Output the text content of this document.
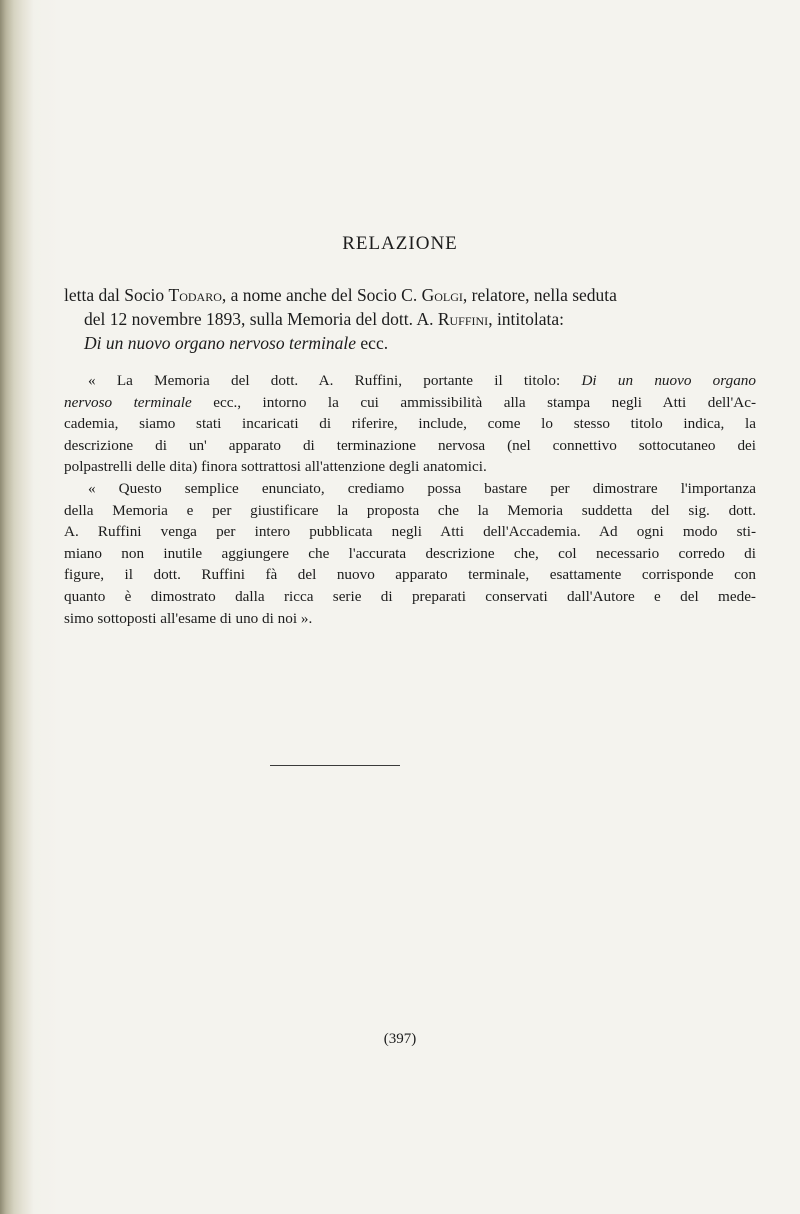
RELAZIONE
letta dal Socio Todaro, a nome anche del Socio C. Golgi, relatore, nella seduta
del 12 novembre 1893, sulla Memoria del dott. A. Ruffini, intitolata:
Di un nuovo organo nervoso terminale ecc.
« La Memoria del dott. A. Ruffini, portante il titolo: Di un nuovo organo
nervoso terminale ecc., intorno la cui ammissibilità alla stampa negli Atti dell'Ac-
cademia, siamo stati incaricati di riferire, include, come lo stesso titolo indica, la
descrizione di un' apparato di terminazione nervosa (nel connettivo sottocutaneo dei
polpastrelli delle dita) finora sottrattosi all'attenzione degli anatomici.
« Questo semplice enunciato, crediamo possa bastare per dimostrare l'importanza
della Memoria e per giustificare la proposta che la Memoria suddetta del sig. dott.
A. Ruffini venga per intero pubblicata negli Atti dell'Accademia. Ad ogni modo sti-
miano non inutile aggiungere che l'accurata descrizione che, col necessario corredo di
figure, il dott. Ruffini fà del nuovo apparato terminale, esattamente corrisponde con
quanto è dimostrato dalla ricca serie di preparati conservati dall'Autore e del mede-
simo sottoposti all'esame di uno di noi ».
(397)
